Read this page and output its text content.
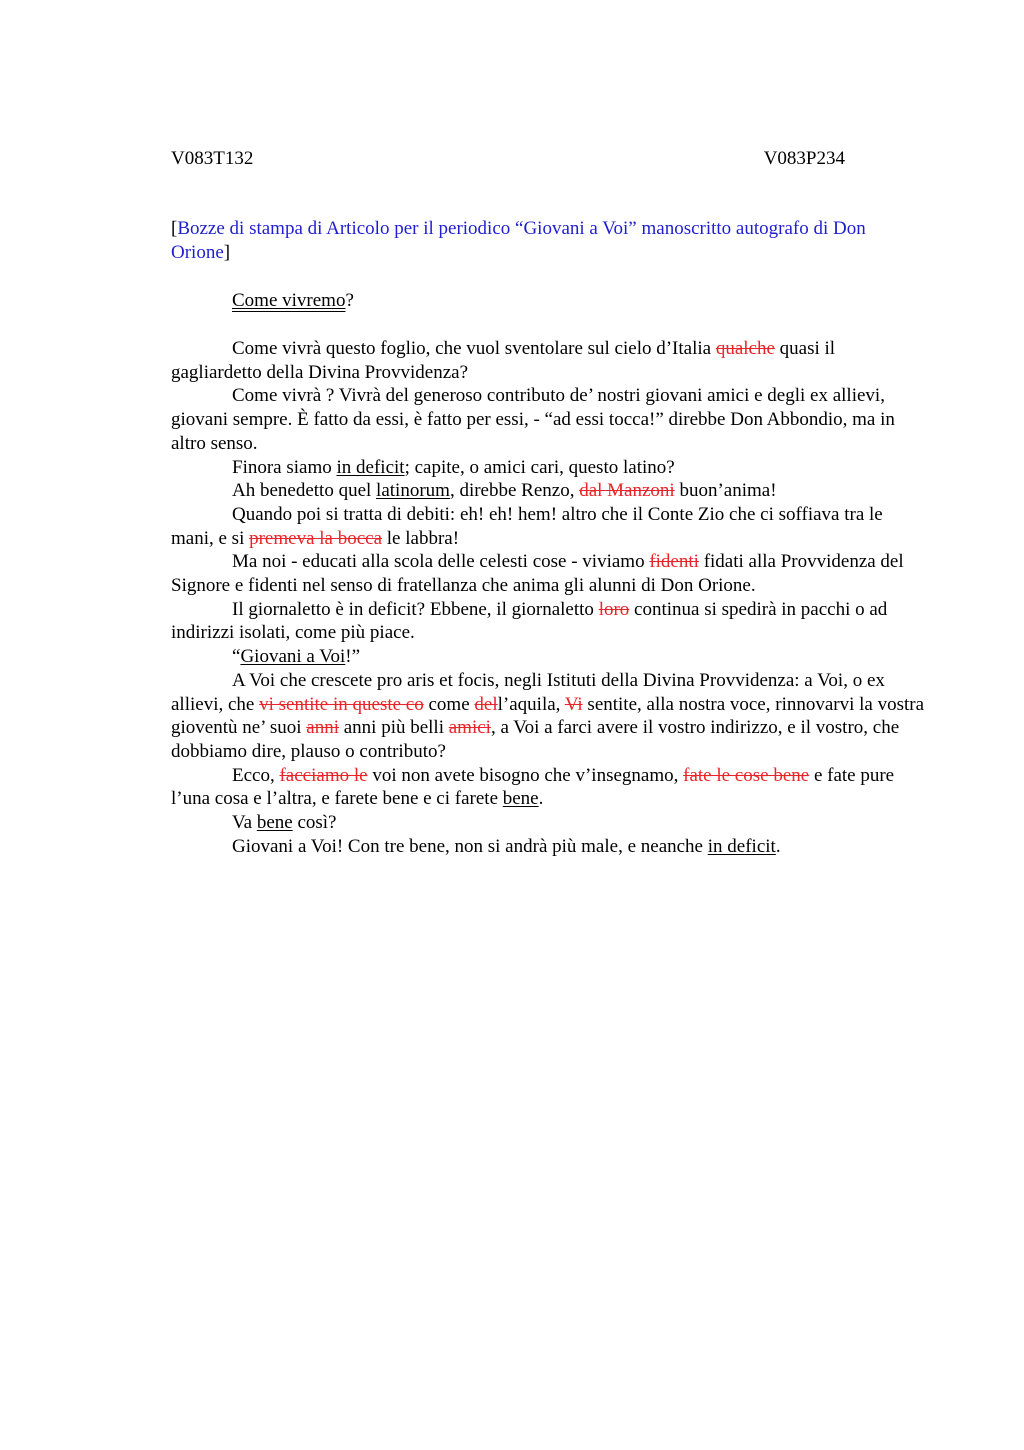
V083T132	V083P234
[Bozze di stampa di Articolo per il periodico “Giovani a Voi” manoscritto autografo di Don Orione]
Come vivremo?

Come vivrà questo foglio, che vuol sventolare sul cielo d’Italia qualche quasi il gagliardetto della Divina Provvidenza?

Come vivrà ? Vivrà del generoso contributo de’ nostri giovani amici e degli ex allievi, giovani sempre. È fatto da essi, è fatto per essi, - “ad essi tocca!” direbbe Don Abbondio, ma in altro senso.

Finora siamo in deficit; capite, o amici cari, questo latino?

Ah benedetto quel latinorum, direbbe Renzo, dal Manzoni buon’anima!

Quando poi si tratta di debiti: eh! eh! hem! altro che il Conte Zio che ci soffiava tra le mani, e si premeva la bocca le labbra!

Ma noi - educati alla scola delle celesti cose - viviamo fidenti fidati alla Provvidenza del Signore e fidenti nel senso di fratellanza che anima gli alunni di Don Orione.

Il giornaletto è in deficit? Ebbene, il giornaletto loro continua si spedirà in pacchi o ad indirizzi isolati, come più piace.

“Giovani a Voi!”

A Voi che crescete pro aris et focis, negli Istituti della Divina Provvidenza: a Voi, o ex allievi, che vi sentite in queste co come dell’aquila, Vi sentite, alla nostra voce, rinnovarvi la vostra gioventù ne’ suoi anni anni più belli amici, a Voi a farci avere il vostro indirizzo, e il vostro, che dobbiamo dire, plauso o contributo?

Ecco, facciamo le voi non avete bisogno che v’insegnamo, fate le cose bene e fate pure l’una cosa e l’altra, e farete bene e ci farete bene.

Va bene così?

Giovani a Voi! Con tre bene, non si andrà più male, e neanche in deficit.
